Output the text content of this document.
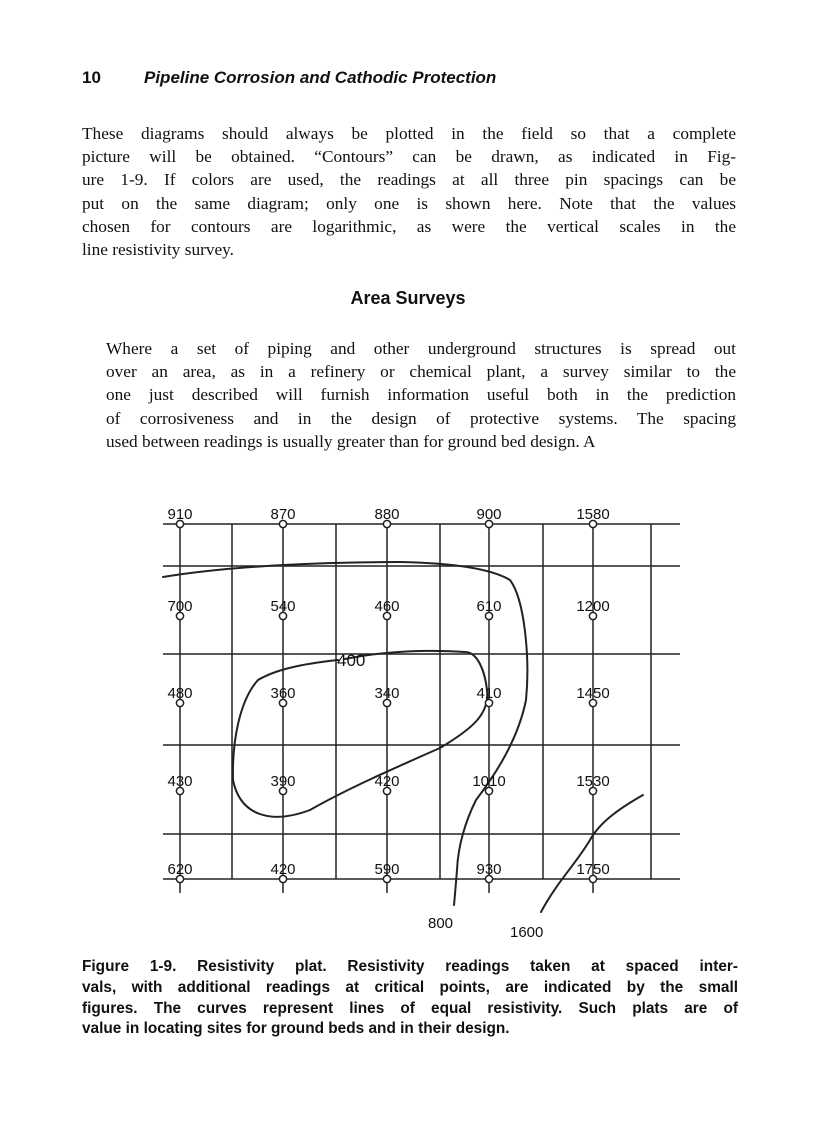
10	Pipeline Corrosion and Cathodic Protection

These diagrams should always be plotted in the field so that a complete
picture will be obtained. “Contours” can be drawn, as indicated in Fig-
ure 1-9. If colors are used, the readings at all three pin spacings can be
put on the same diagram; only one is shown here. Note that the values
chosen for contours are logarithmic, as were the vertical scales in the
line resistivity survey.

Area Surveys

Where a set of piping and other underground structures is spread out
over an area, as in a refinery or chemical plant, a survey similar to the
one just described will furnish information useful both in the prediction
of corrosiveness and in the design of protective systems. The spacing
used between readings is usually greater than for ground bed design. A

910	870	880	900	1580
700	540	460	610	1200
480	360	340	410	1450
430	390	420	1010	1530
620	420	590	930	1750
400
800
1600

Figure 1-9. Resistivity plat. Resistivity readings taken at spaced inter-
vals, with additional readings at critical points, are indicated by the small
figures. The curves represent lines of equal resistivity. Such plats are of
value in locating sites for ground beds and in their design.
